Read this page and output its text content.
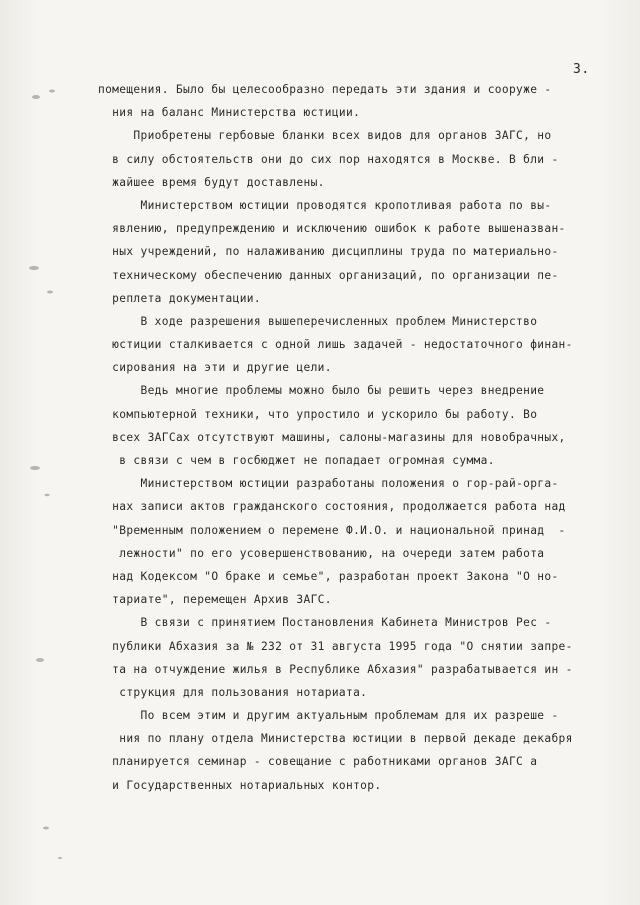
3.
помещения. Было бы целесообразно передать эти здания и сооруже -
ния на баланс Министерства юстиции.
Приобретены гербовые бланки всех видов для органов ЗАГС, но
в силу обстоятельств они до сих пор находятся в Москве. В бли -
жайшее время будут доставлены.
Министерством юстиции проводятся кропотливая работа по вы-
явлению, предупреждению и исключению ошибок к работе вышеназван-
ных учреждений, по налаживанию дисциплины труда по материально-
техническому обеспечению данных организаций, по организации пе-
реплета документации.
В ходе разрешения вышеперечисленных проблем Министерство
юстиции сталкивается с одной лишь задачей - недостаточного финан-
сирования на эти и другие цели.
Ведь многие проблемы можно было бы решить через внедрение
компьютерной техники, что упростило и ускорило бы работу. Во
всех ЗАГСах отсутствуют машины, салоны-магазины для новобрачных,
в связи с чем в госбюджет не попадает огромная сумма.
Министерством юстиции разработаны положения о гор-рай-орга-
нах записи актов гражданского состояния, продолжается работа над
"Временным положением о перемене Ф.И.О. и национальной принад  -
лежности" по его усовершенствованию, на очереди затем работа
над Кодексом "О браке и семье", разработан проект Закона "О но-
тариате", перемещен Архив ЗАГС.
В связи с принятием Постановления Кабинета Министров Рес -
публики Абхазия за № 232 от 31 августа 1995 года "О снятии запре-
та на отчуждение жилья в Республике Абхазия" разрабатывается ин -
струкция для пользования нотариата.
По всем этим и другим актуальным проблемам для их разреше -
ния по плану отдела Министерства юстиции в первой декаде декабря
планируется семинар - совещание с работниками органов ЗАГС а
и Государственных нотариальных контор.
